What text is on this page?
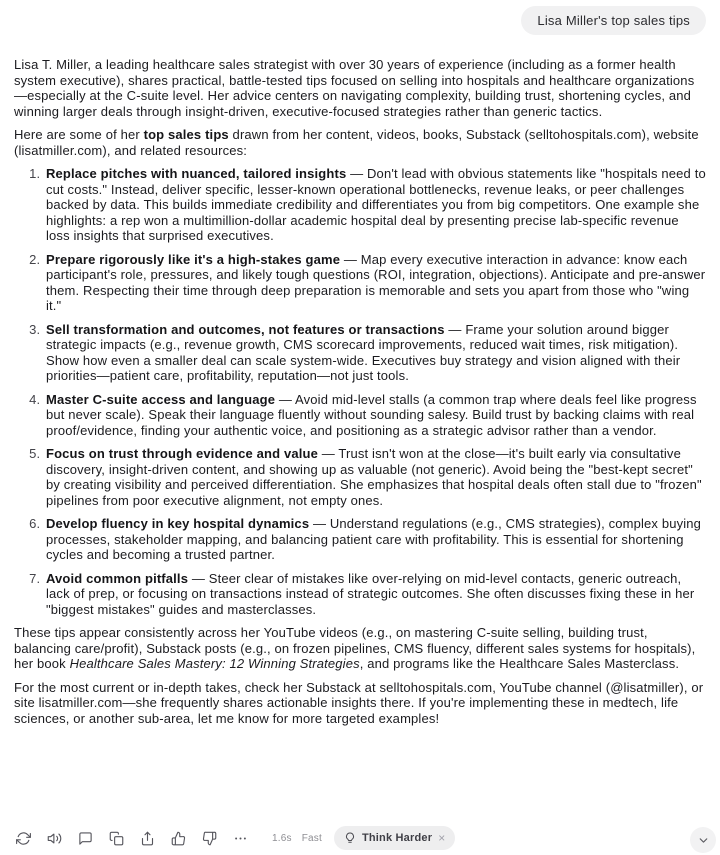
Lisa Miller's top sales tips

Lisa T. Miller, a leading healthcare sales strategist with over 30 years of experience (including as a former health system executive), shares practical, battle-tested tips focused on selling into hospitals and healthcare organizations—especially at the C-suite level. Her advice centers on navigating complexity, building trust, shortening cycles, and winning larger deals through insight-driven, executive-focused strategies rather than generic tactics.

Here are some of her top sales tips drawn from her content, videos, books, Substack (selltohospitals.com), website (lisatmiller.com), and related resources:

1. Replace pitches with nuanced, tailored insights — Don't lead with obvious statements like "hospitals need to cut costs." Instead, deliver specific, lesser-known operational bottlenecks, revenue leaks, or peer challenges backed by data. This builds immediate credibility and differentiates you from big competitors. One example she highlights: a rep won a multimillion-dollar academic hospital deal by presenting precise lab-specific revenue loss insights that surprised executives.
2. Prepare rigorously like it's a high-stakes game — Map every executive interaction in advance: know each participant's role, pressures, and likely tough questions (ROI, integration, objections). Anticipate and pre-answer them. Respecting their time through deep preparation is memorable and sets you apart from those who "wing it."
3. Sell transformation and outcomes, not features or transactions — Frame your solution around bigger strategic impacts (e.g., revenue growth, CMS scorecard improvements, reduced wait times, risk mitigation). Show how even a smaller deal can scale system-wide. Executives buy strategy and vision aligned with their priorities—patient care, profitability, reputation—not just tools.
4. Master C-suite access and language — Avoid mid-level stalls (a common trap where deals feel like progress but never scale). Speak their language fluently without sounding salesy. Build trust by backing claims with real proof/evidence, finding your authentic voice, and positioning as a strategic advisor rather than a vendor.
5. Focus on trust through evidence and value — Trust isn't won at the close—it's built early via consultative discovery, insight-driven content, and showing up as valuable (not generic). Avoid being the "best-kept secret" by creating visibility and perceived differentiation. She emphasizes that hospital deals often stall due to "frozen" pipelines from poor executive alignment, not empty ones.
6. Develop fluency in key hospital dynamics — Understand regulations (e.g., CMS strategies), complex buying processes, stakeholder mapping, and balancing patient care with profitability. This is essential for shortening cycles and becoming a trusted partner.
7. Avoid common pitfalls — Steer clear of mistakes like over-relying on mid-level contacts, generic outreach, lack of prep, or focusing on transactions instead of strategic outcomes. She often discusses fixing these in her "biggest mistakes" guides and masterclasses.

These tips appear consistently across her YouTube videos (e.g., on mastering C-suite selling, building trust, balancing care/profit), Substack posts (e.g., on frozen pipelines, CMS fluency, different sales systems for hospitals), her book Healthcare Sales Mastery: 12 Winning Strategies, and programs like the Healthcare Sales Masterclass.

For the most current or in-depth takes, check her Substack at selltohospitals.com, YouTube channel (@lisatmiller), or site lisatmiller.com—she frequently shares actionable insights there. If you're implementing these in medtech, life sciences, or another sub-area, let me know for more targeted examples!

1.6s Fast	Think Harder ×
